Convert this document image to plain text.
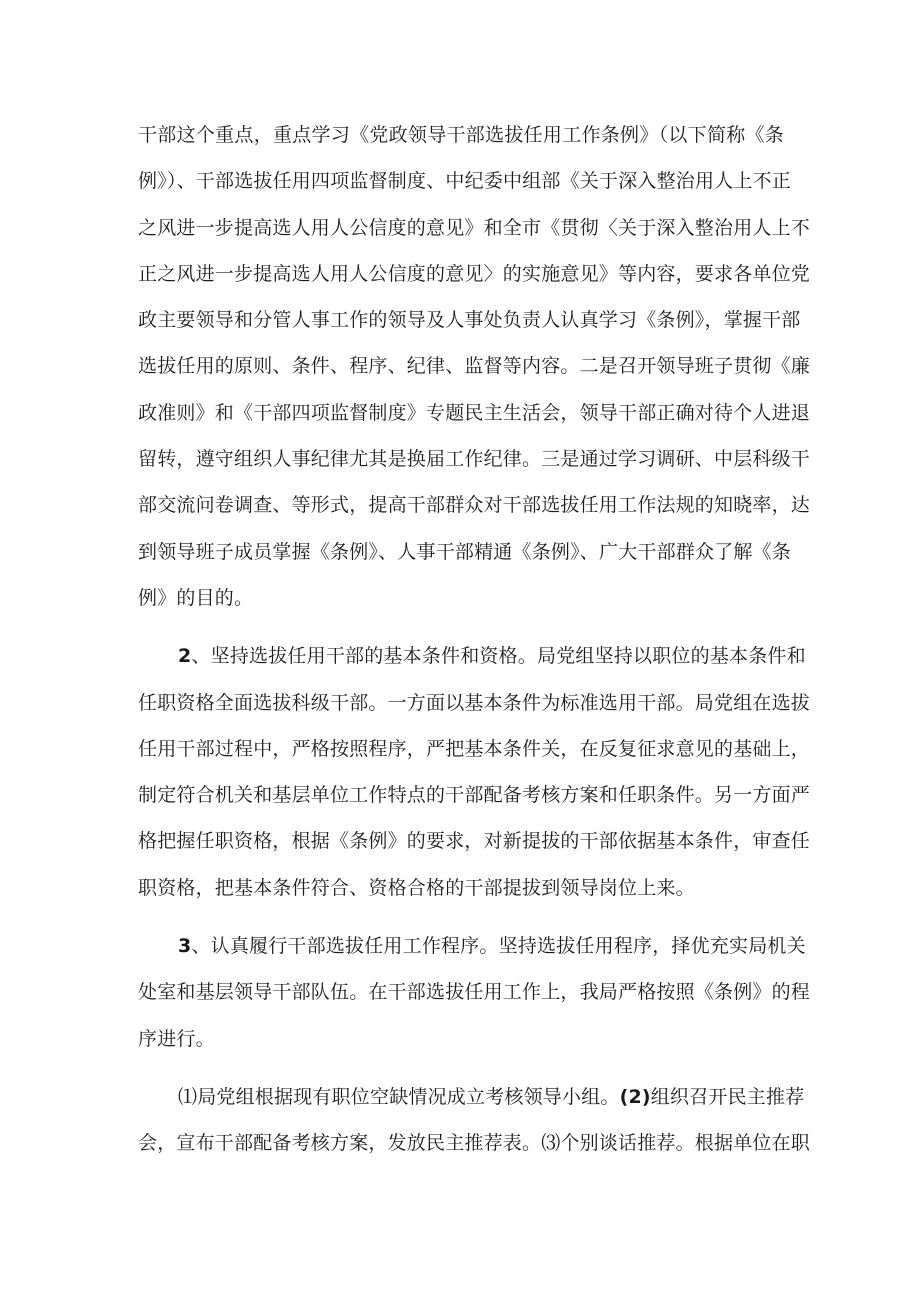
干部这个重点，重点学习《党政领导干部选拔任用工作条例》（以下简称《条
例》）、干部选拔任用四项监督制度、中纪委中组部《关于深入整治用人上不正
之风进一步提高选人用人公信度的意见》和全市《贯彻〈关于深入整治用人上不
正之风进一步提高选人用人公信度的意见〉的实施意见》等内容，要求各单位党
政主要领导和分管人事工作的领导及人事处负责人认真学习《条例》，掌握干部
选拔任用的原则、条件、程序、纪律、监督等内容。二是召开领导班子贯彻《廉
政准则》和《干部四项监督制度》专题民主生活会，领导干部正确对待个人进退
留转，遵守组织人事纪律尤其是换届工作纪律。三是通过学习调研、中层科级干
部交流问卷调查、等形式，提高干部群众对干部选拔任用工作法规的知晓率，达
到领导班子成员掌握《条例》、人事干部精通《条例》、广大干部群众了解《条
例》的目的。
2、坚持选拔任用干部的基本条件和资格。局党组坚持以职位的基本条件和
任职资格全面选拔科级干部。一方面以基本条件为标准选用干部。局党组在选拔
任用干部过程中，严格按照程序，严把基本条件关，在反复征求意见的基础上，
制定符合机关和基层单位工作特点的干部配备考核方案和任职条件。另一方面严
格把握任职资格，根据《条例》的要求，对新提拔的干部依据基本条件，审查任
职资格，把基本条件符合、资格合格的干部提拔到领导岗位上来。
3、认真履行干部选拔任用工作程序。坚持选拔任用程序，择优充实局机关
处室和基层领导干部队伍。在干部选拔任用工作上，我局严格按照《条例》的程
序进行。
⑴局党组根据现有职位空缺情况成立考核领导小组。(2)组织召开民主推荐
会，宣布干部配备考核方案，发放民主推荐表。⑶个别谈话推荐。根据单位在职
